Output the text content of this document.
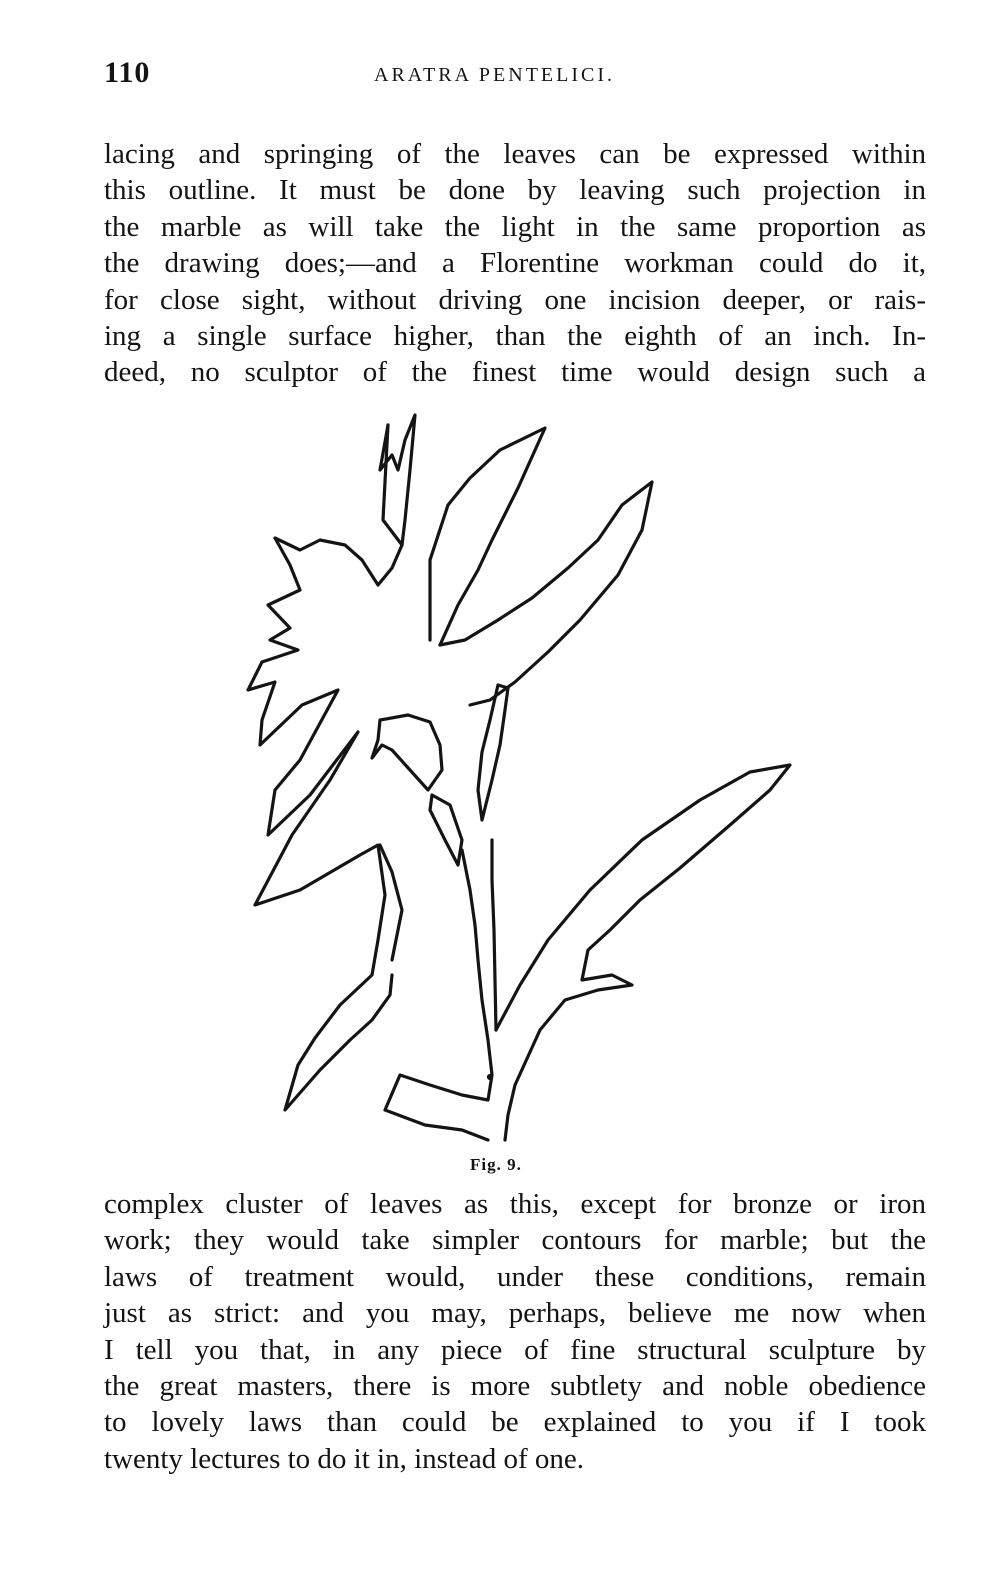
110	ARATRA PENTELICI.
lacing and springing of the leaves can be expressed within
this outline. It must be done by leaving such projection in
the marble as will take the light in the same proportion as
the drawing does;—and a Florentine workman could do it,
for close sight, without driving one incision deeper, or rais-
ing a single surface higher, than the eighth of an inch. In-
deed, no sculptor of the finest time would design such a
Fig. 9.
complex cluster of leaves as this, except for bronze or iron
work; they would take simpler contours for marble; but the
laws of treatment would, under these conditions, remain
just as strict: and you may, perhaps, believe me now when
I tell you that, in any piece of fine structural sculpture by
the great masters, there is more subtlety and noble obedience
to lovely laws than could be explained to you if I took
twenty lectures to do it in, instead of one.
